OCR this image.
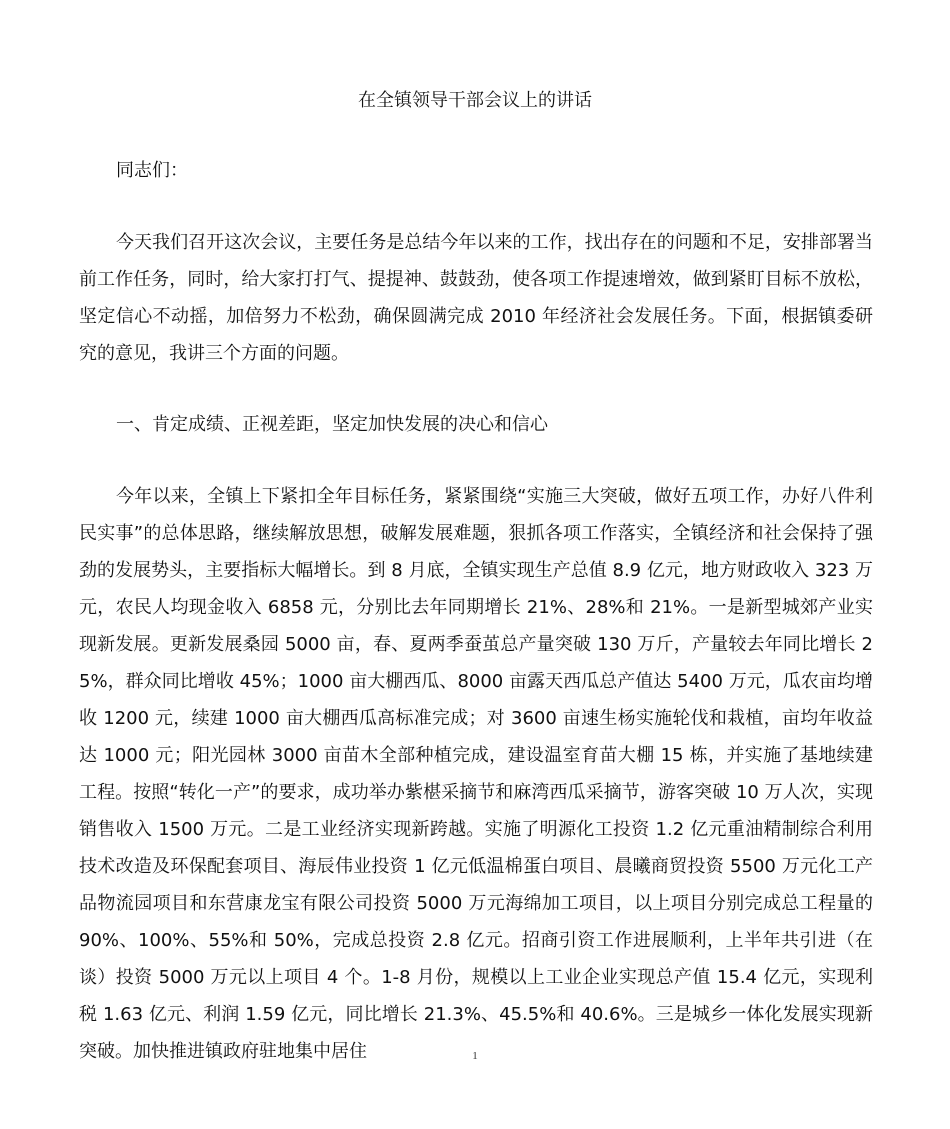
在全镇领导干部会议上的讲话
同志们：

今天我们召开这次会议，主要任务是总结今年以来的工作，找出存在的问题和不足，安排部署当前工作任务，同时，给大家打打气、提提神、鼓鼓劲，使各项工作提速增效，做到紧盯目标不放松，坚定信心不动摇，加倍努力不松劲，确保圆满完成 2010 年经济社会发展任务。下面，根据镇委研究的意见，我讲三个方面的问题。

一、肯定成绩、正视差距，坚定加快发展的决心和信心

今年以来，全镇上下紧扣全年目标任务，紧紧围绕“实施三大突破，做好五项工作，办好八件利民实事”的总体思路，继续解放思想，破解发展难题，狠抓各项工作落实，全镇经济和社会保持了强劲的发展势头，主要指标大幅增长。到 8 月底，全镇实现生产总值 8.9 亿元，地方财政收入 323 万元，农民人均现金收入 6858 元，分别比去年同期增长 21%、28%和 21%。一是新型城郊产业实现新发展。更新发展桑园 5000 亩，春、夏两季蚕茧总产量突破 130 万斤，产量较去年同比增长 25%，群众同比增收 45%；1000 亩大棚西瓜、8000 亩露天西瓜总产值达 5400 万元，瓜农亩均增收 1200 元，续建 1000 亩大棚西瓜高标准完成；对 3600 亩速生杨实施轮伐和栽植，亩均年收益达 1000 元；阳光园林 3000 亩苗木全部种植完成，建设温室育苗大棚 15 栋，并实施了基地续建工程。按照“转化一产”的要求，成功举办紫椹采摘节和麻湾西瓜采摘节，游客突破 10 万人次，实现销售收入 1500 万元。二是工业经济实现新跨越。实施了明源化工投资 1.2 亿元重油精制综合利用技术改造及环保配套项目、海辰伟业投资 1 亿元低温棉蛋白项目、晨曦商贸投资 5500 万元化工产品物流园项目和东营康龙宝有限公司投资 5000 万元海绵加工项目，以上项目分别完成总工程量的 90%、100%、55%和 50%，完成总投资 2.8 亿元。招商引资工作进展顺利，上半年共引进（在谈）投资 5000 万元以上项目 4 个。1-8 月份，规模以上工业企业实现总产值 15.4 亿元，实现利税 1.63 亿元、利润 1.59 亿元，同比增长 21.3%、45.5%和 40.6%。三是城乡一体化发展实现新突破。加快推进镇政府驻地集中居住	1
